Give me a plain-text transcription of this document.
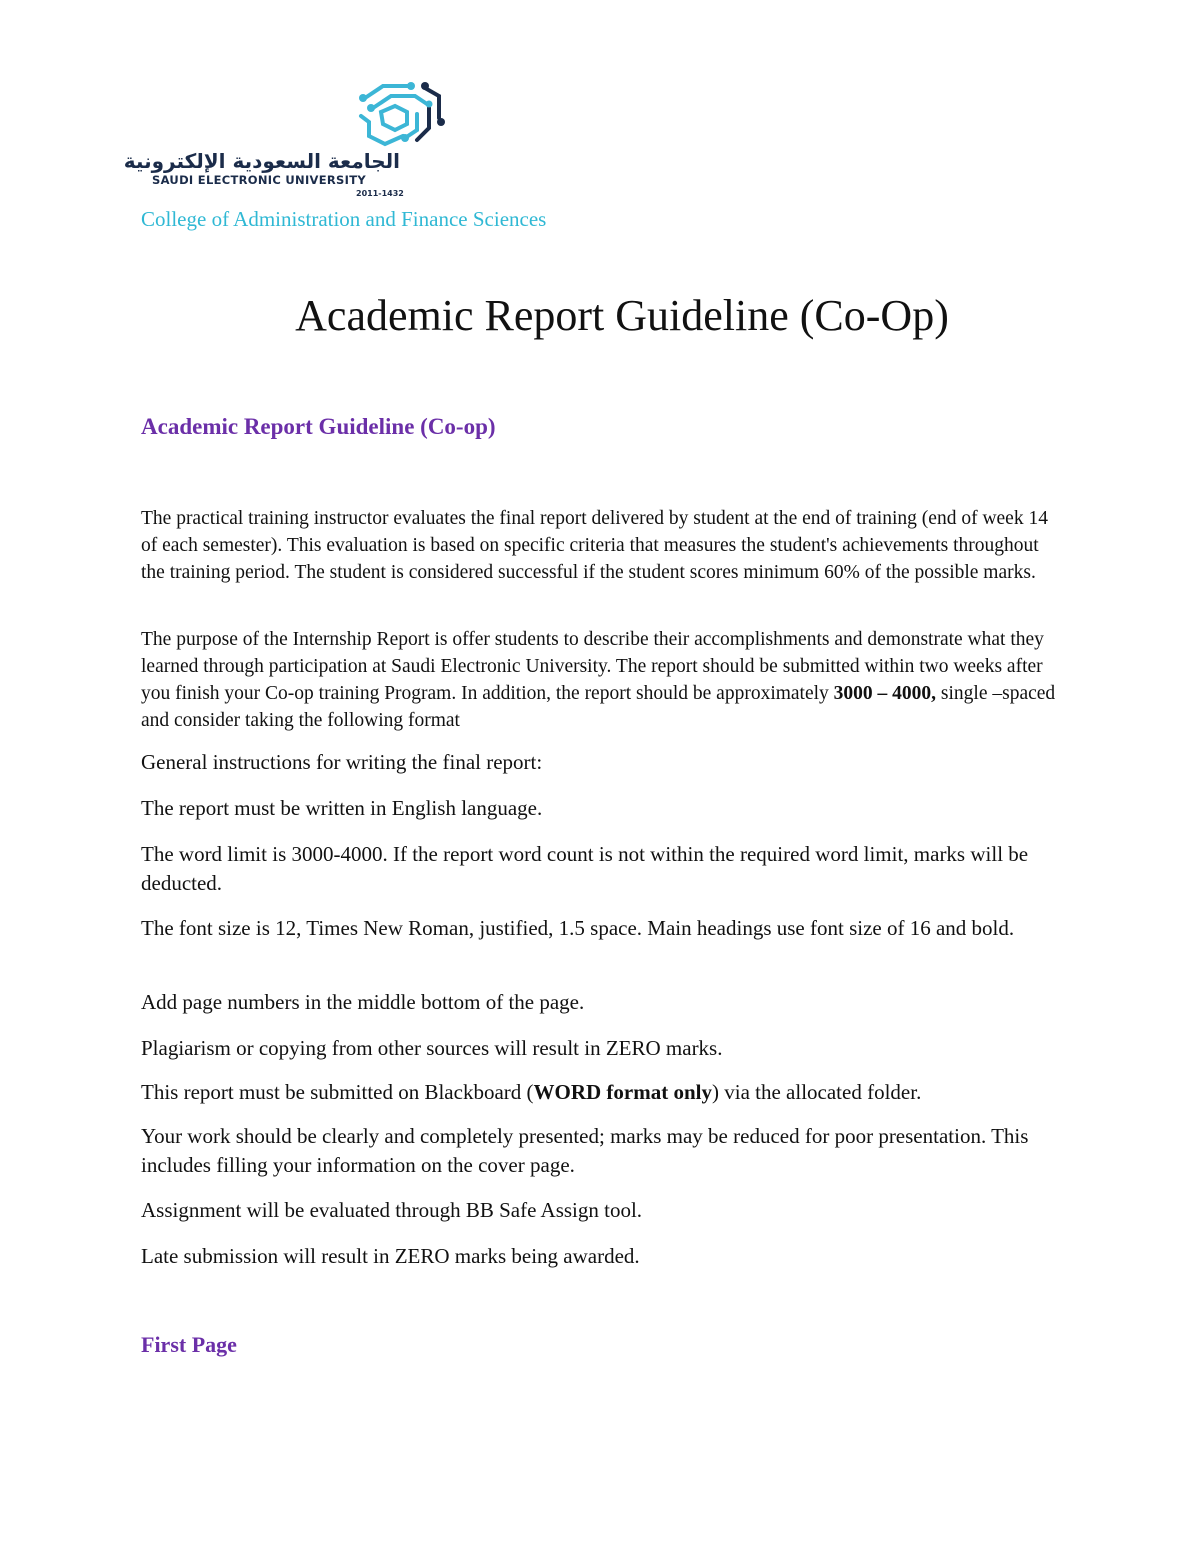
الجامعة السعودية الإلكترونية
SAUDI ELECTRONIC UNIVERSITY
2011-1432
College of Administration and Finance Sciences
Academic Report Guideline (Co-Op)
Academic Report Guideline (Co-op)

The practical training instructor evaluates the final report delivered by student at the end of training (end of week 14 of each semester). This evaluation is based on specific criteria that measures the student's achievements throughout the training period. The student is considered successful if the student scores minimum 60% of the possible marks.

The purpose of the Internship Report is offer students to describe their accomplishments and demonstrate what they learned through participation at Saudi Electronic University. The report should be submitted within two weeks after you finish your Co-op training Program. In addition, the report should be approximately 3000 – 4000, single –spaced and consider taking the following format

General instructions for writing the final report:

The report must be written in English language.

The word limit is 3000-4000. If the report word count is not within the required word limit, marks will be deducted.

The font size is 12, Times New Roman, justified, 1.5 space. Main headings use font size of 16 and bold.

Add page numbers in the middle bottom of the page.

Plagiarism or copying from other sources will result in ZERO marks.

This report must be submitted on Blackboard (WORD format only) via the allocated folder.

Your work should be clearly and completely presented; marks may be reduced for poor presentation. This includes filling your information on the cover page.

Assignment will be evaluated through BB Safe Assign tool.

Late submission will result in ZERO marks being awarded.

First Page
